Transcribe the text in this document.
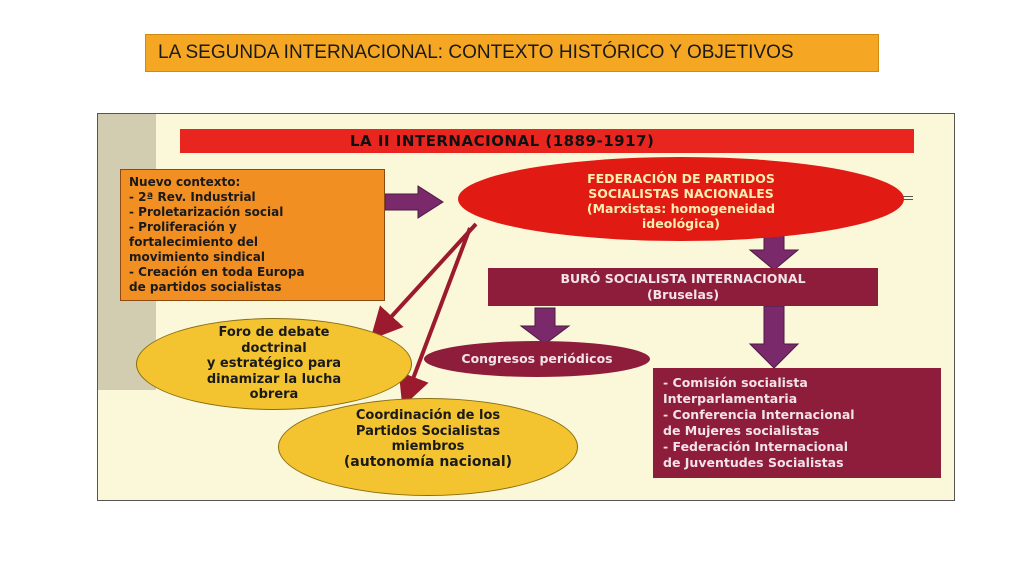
LA SEGUNDA INTERNACIONAL: CONTEXTO HISTÓRICO Y OBJETIVOS
LA II INTERNACIONAL (1889-1917)
Nuevo contexto:
- 2ª Rev. Industrial
- Proletarización social
- Proliferación y
fortalecimiento del
movimiento sindical
- Creación en toda Europa
de partidos socialistas
FEDERACIÓN DE PARTIDOS
SOCIALISTAS NACIONALES
(Marxistas: homogeneidad
ideológica)
BURÓ SOCIALISTA INTERNACIONAL
(Bruselas)
Congresos periódicos
Foro de debate
doctrinal
y estratégico para
dinamizar la lucha
obrera
Coordinación de los
Partidos Socialistas
miembros
(autonomía nacional)
- Comisión socialista
Interparlamentaria
- Conferencia Internacional
de Mujeres socialistas
- Federación Internacional
de Juventudes Socialistas
